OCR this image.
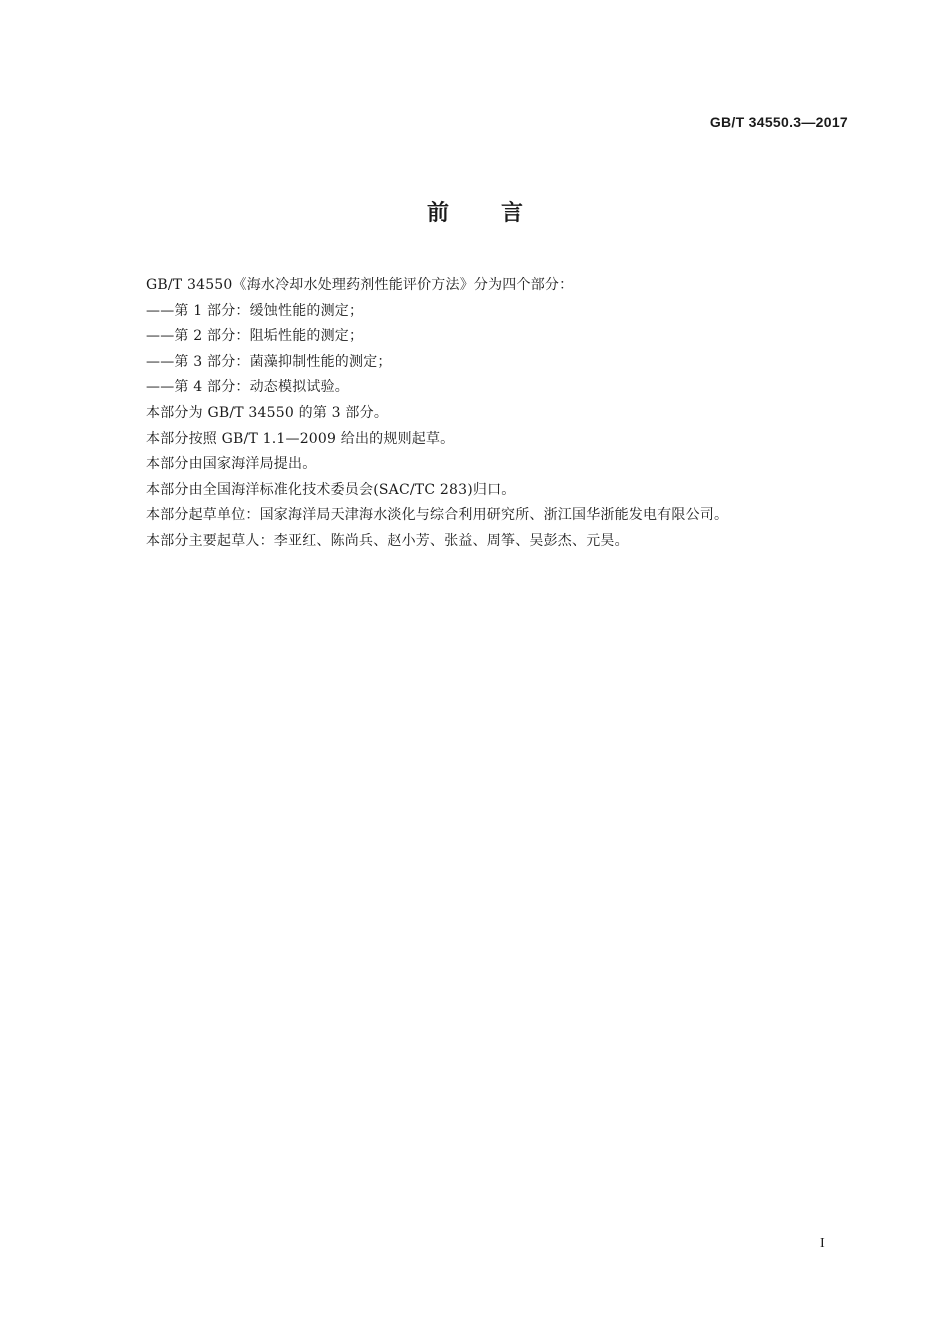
GB/T 34550.3—2017
前言
GB/T 34550《海水冷却水处理药剂性能评价方法》分为四个部分：
——第 1 部分：缓蚀性能的测定；
——第 2 部分：阻垢性能的测定；
——第 3 部分：菌藻抑制性能的测定；
——第 4 部分：动态模拟试验。
本部分为 GB/T 34550 的第 3 部分。
本部分按照 GB/T 1.1—2009 给出的规则起草。
本部分由国家海洋局提出。
本部分由全国海洋标准化技术委员会(SAC/TC 283)归口。
本部分起草单位：国家海洋局天津海水淡化与综合利用研究所、浙江国华浙能发电有限公司。
本部分主要起草人：李亚红、陈尚兵、赵小芳、张益、周筝、吴彭杰、元昊。
I
